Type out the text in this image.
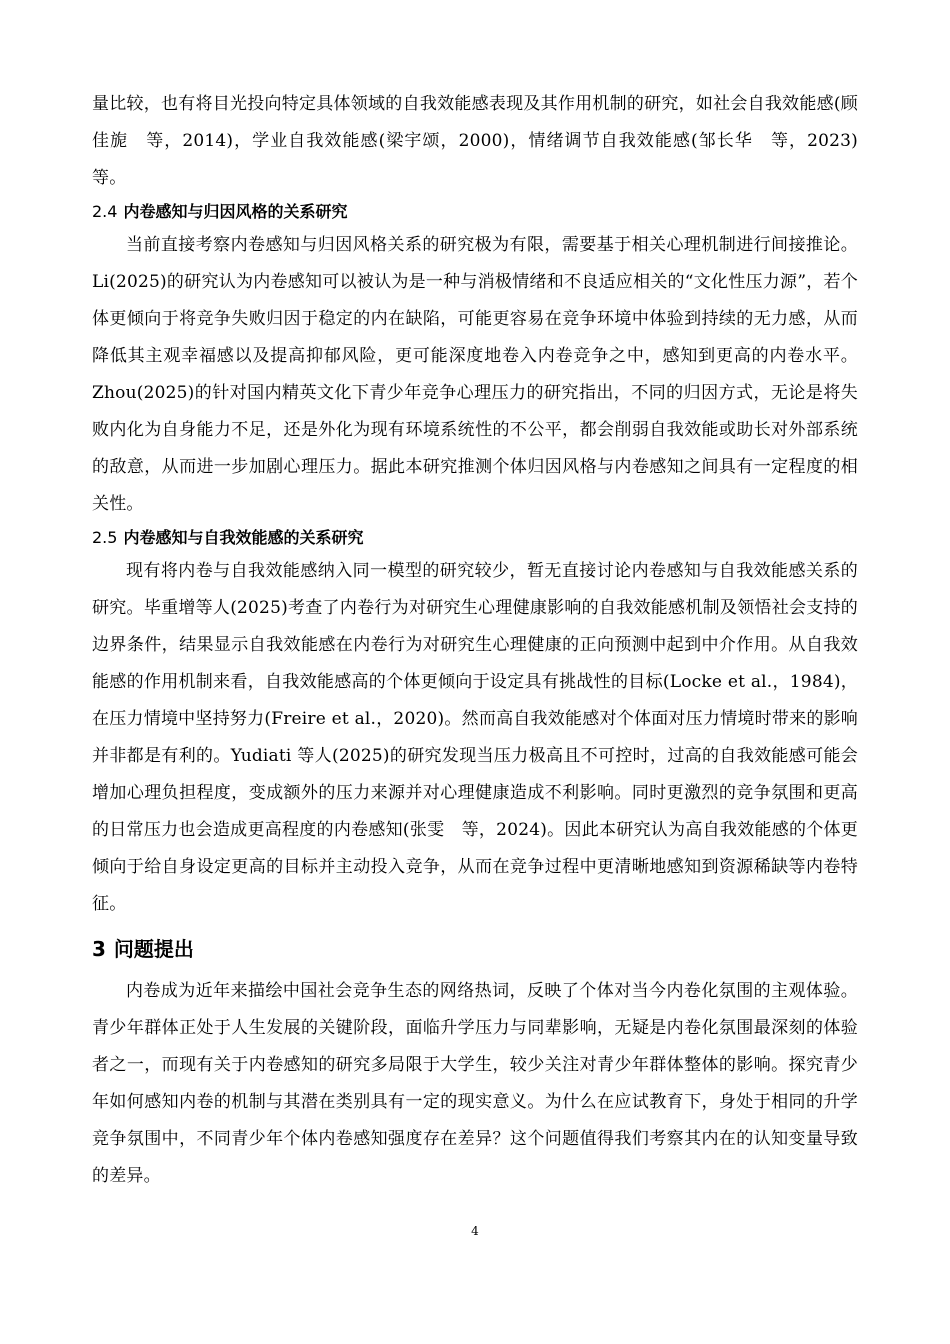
量比较，也有将目光投向特定具体领域的自我效能感表现及其作用机制的研究，如社会自我效能感(顾佳旎　等，2014)，学业自我效能感(梁宇颂，2000)，情绪调节自我效能感(邹长华　等，2023)等。

2.4 内卷感知与归因风格的关系研究

当前直接考察内卷感知与归因风格关系的研究极为有限，需要基于相关心理机制进行间接推论。Li(2025)的研究认为内卷感知可以被认为是一种与消极情绪和不良适应相关的“文化性压力源”，若个体更倾向于将竞争失败归因于稳定的内在缺陷，可能更容易在竞争环境中体验到持续的无力感，从而降低其主观幸福感以及提高抑郁风险，更可能深度地卷入内卷竞争之中，感知到更高的内卷水平。Zhou(2025)的针对国内精英文化下青少年竞争心理压力的研究指出，不同的归因方式，无论是将失败内化为自身能力不足，还是外化为现有环境系统性的不公平，都会削弱自我效能或助长对外部系统的敌意，从而进一步加剧心理压力。据此本研究推测个体归因风格与内卷感知之间具有一定程度的相关性。

2.5 内卷感知与自我效能感的关系研究

现有将内卷与自我效能感纳入同一模型的研究较少，暂无直接讨论内卷感知与自我效能感关系的研究。毕重增等人(2025)考查了内卷行为对研究生心理健康影响的自我效能感机制及领悟社会支持的边界条件，结果显示自我效能感在内卷行为对研究生心理健康的正向预测中起到中介作用。从自我效能感的作用机制来看，自我效能感高的个体更倾向于设定具有挑战性的目标(Locke et al.，1984)，在压力情境中坚持努力(Freire et al.，2020)。然而高自我效能感对个体面对压力情境时带来的影响并非都是有利的。Yudiati 等人(2025)的研究发现当压力极高且不可控时，过高的自我效能感可能会增加心理负担程度，变成额外的压力来源并对心理健康造成不利影响。同时更激烈的竞争氛围和更高的日常压力也会造成更高程度的内卷感知(张雯　等，2024)。因此本研究认为高自我效能感的个体更倾向于给自身设定更高的目标并主动投入竞争，从而在竞争过程中更清晰地感知到资源稀缺等内卷特征。

3 问题提出

内卷成为近年来描绘中国社会竞争生态的网络热词，反映了个体对当今内卷化氛围的主观体验。青少年群体正处于人生发展的关键阶段，面临升学压力与同辈影响，无疑是内卷化氛围最深刻的体验者之一，而现有关于内卷感知的研究多局限于大学生，较少关注对青少年群体整体的影响。探究青少年如何感知内卷的机制与其潜在类别具有一定的现实意义。为什么在应试教育下，身处于相同的升学竞争氛围中，不同青少年个体内卷感知强度存在差异？这个问题值得我们考察其内在的认知变量导致的差异。

4
